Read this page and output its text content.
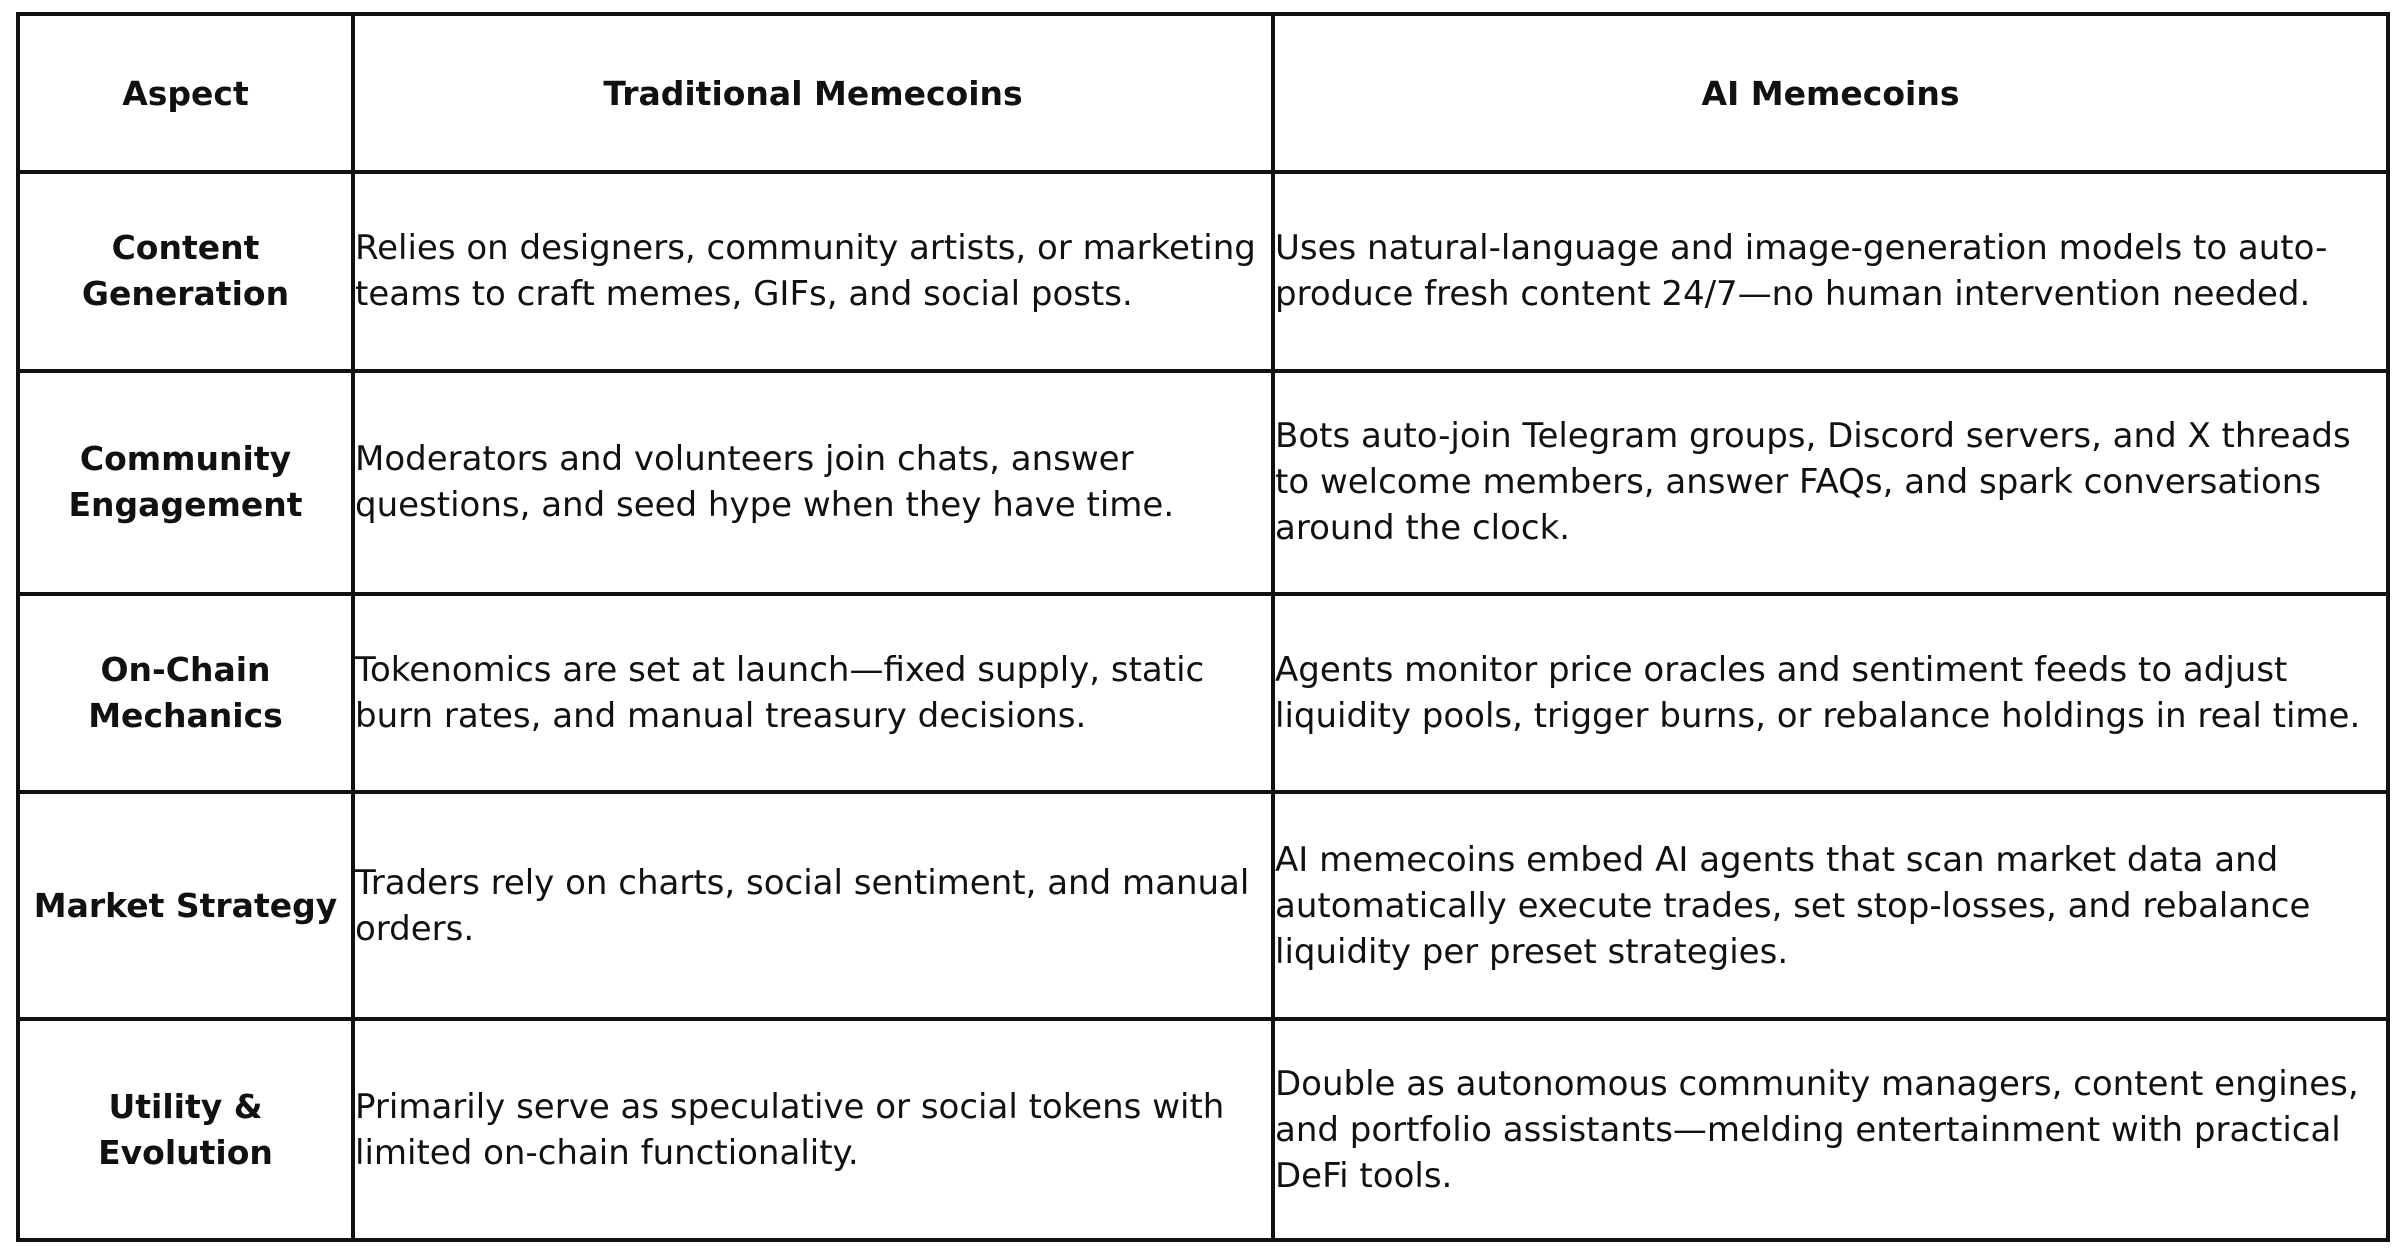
Aspect	Traditional Memecoins	AI Memecoins
Content Generation	Relies on designers, community artists, or marketing teams to craft memes, GIFs, and social posts.	Uses natural-language and image-generation models to auto-produce fresh content 24/7—no human intervention needed.
Community Engagement	Moderators and volunteers join chats, answer questions, and seed hype when they have time.	Bots auto-join Telegram groups, Discord servers, and X threads to welcome members, answer FAQs, and spark conversations around the clock.
On-Chain Mechanics	Tokenomics are set at launch—fixed supply, static burn rates, and manual treasury decisions.	Agents monitor price oracles and sentiment feeds to adjust liquidity pools, trigger burns, or rebalance holdings in real time.
Market Strategy	Traders rely on charts, social sentiment, and manual orders.	AI memecoins embed AI agents that scan market data and automatically execute trades, set stop-losses, and rebalance liquidity per preset strategies.
Utility & Evolution	Primarily serve as speculative or social tokens with limited on-chain functionality.	Double as autonomous community managers, content engines, and portfolio assistants—melding entertainment with practical DeFi tools.
